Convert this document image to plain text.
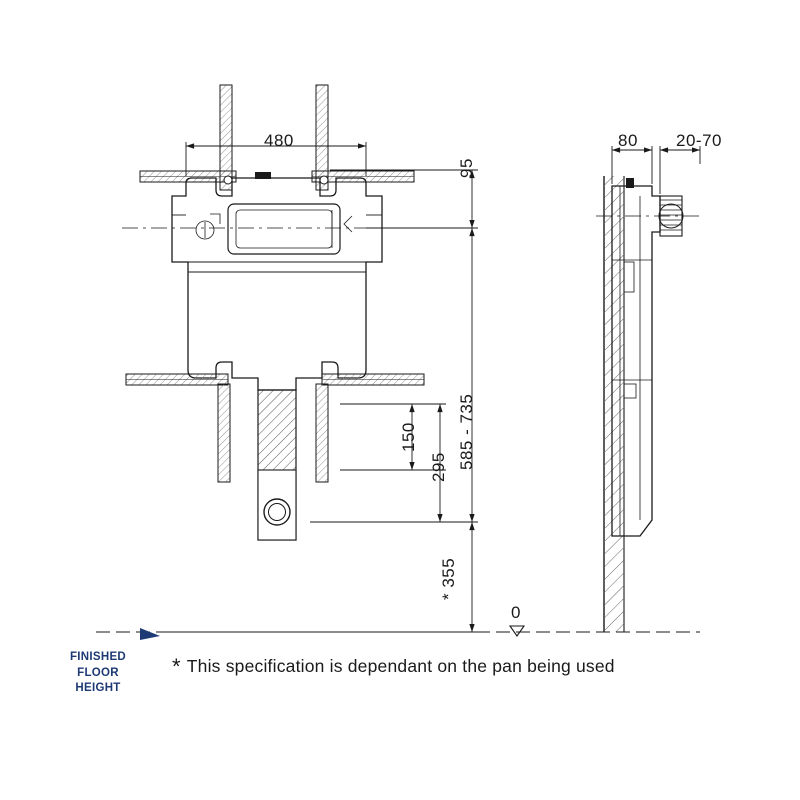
480
95
585 - 735
150
295
* 355
80 20-70
0
FINISHED
FLOOR
HEIGHT
* This specification is dependant on the pan being used
